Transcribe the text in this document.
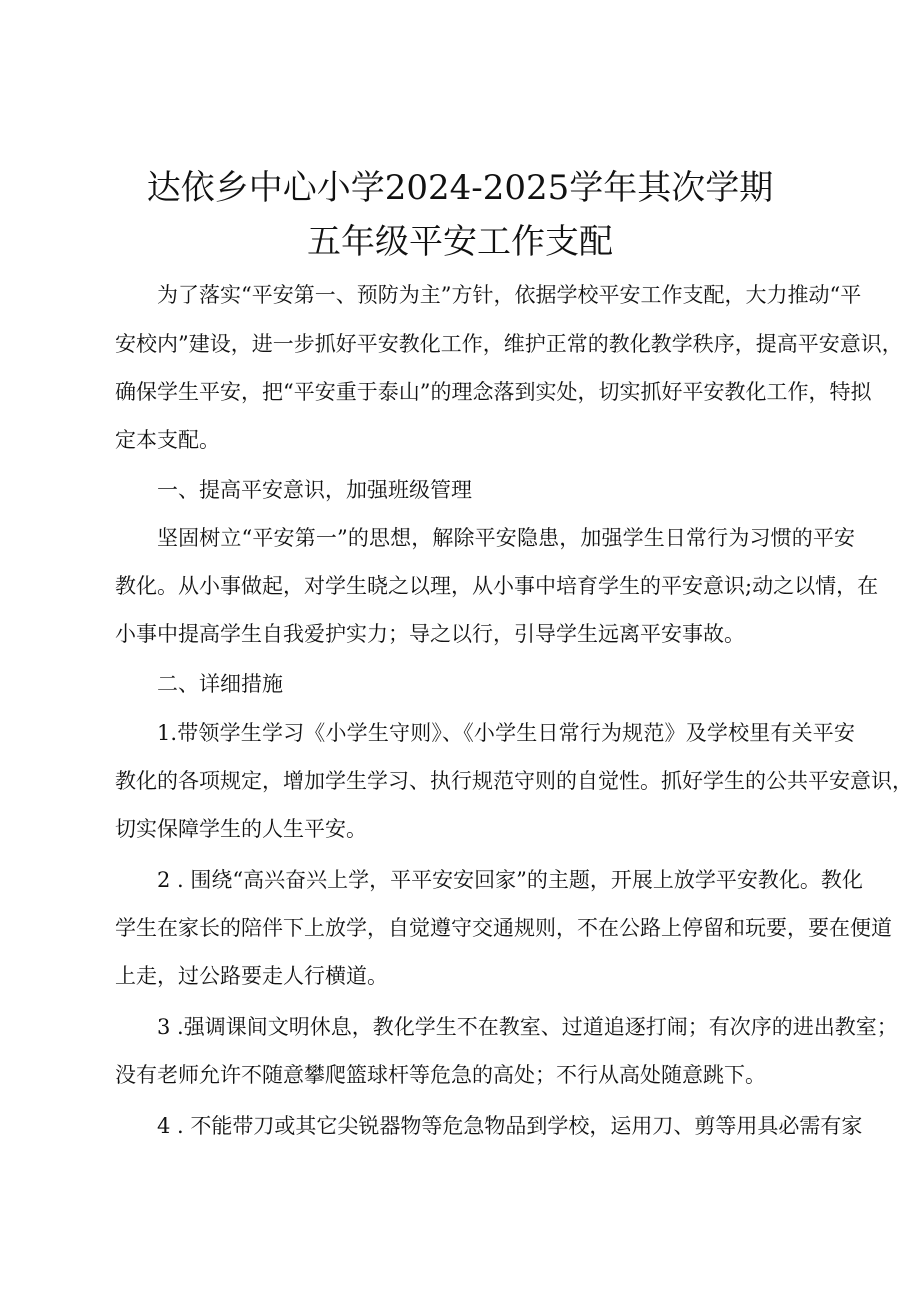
达依乡中心小学2024-2025学年其次学期
五年级平安工作支配
为了落实“平安第一、预防为主”方针，依据学校平安工作支配，大力推动“平
安校内”建设，进一步抓好平安教化工作，维护正常的教化教学秩序，提高平安意识，
确保学生平安，把“平安重于泰山”的理念落到实处，切实抓好平安教化工作，特拟
定本支配。
一、提高平安意识，加强班级管理
坚固树立“平安第一”的思想，解除平安隐患，加强学生日常行为习惯的平安
教化。从小事做起，对学生晓之以理，从小事中培育学生的平安意识;动之以情，在
小事中提高学生自我爱护实力；导之以行，引导学生远离平安事故。
二、详细措施
1.带领学生学习《小学生守则》、《小学生日常行为规范》及学校里有关平安
教化的各项规定，增加学生学习、执行规范守则的自觉性。抓好学生的公共平安意识，
切实保障学生的人生平安。
2 . 围绕“高兴奋兴上学，平平安安回家”的主题，开展上放学平安教化。教化
学生在家长的陪伴下上放学，自觉遵守交通规则，不在公路上停留和玩要，要在便道
上走，过公路要走人行横道。
3 .强调课间文明休息，教化学生不在教室、过道追逐打闹；有次序的进出教室；
没有老师允许不随意攀爬篮球杆等危急的高处；不行从高处随意跳下。
4 . 不能带刀或其它尖锐器物等危急物品到学校，运用刀、剪等用具必需有家
